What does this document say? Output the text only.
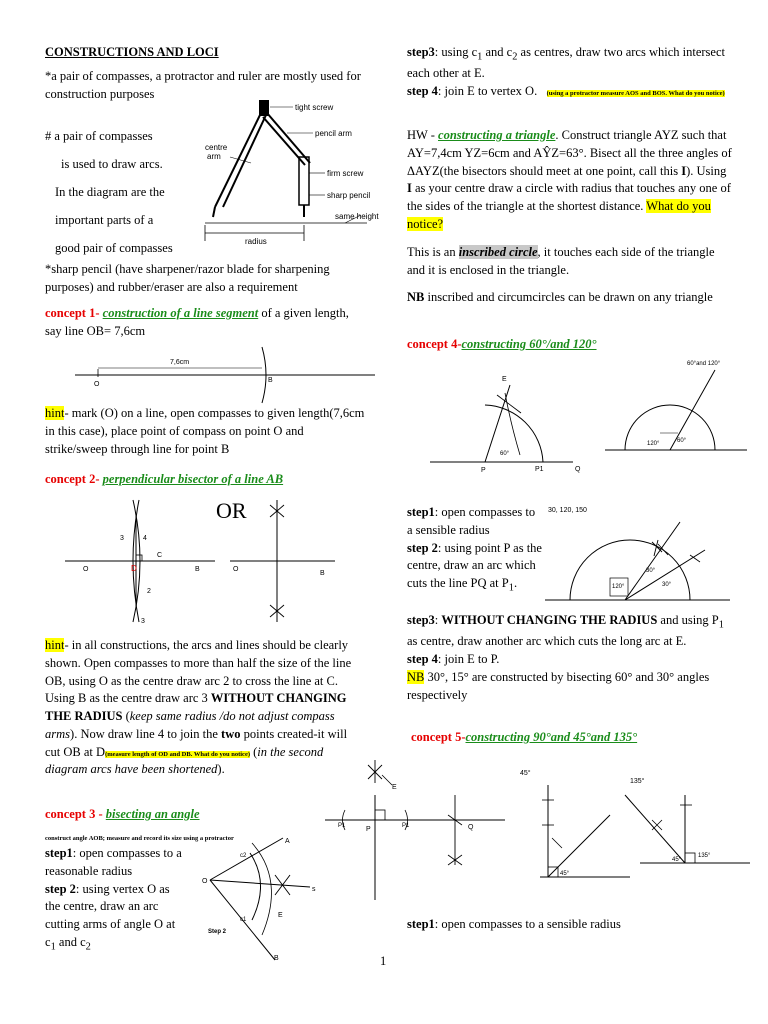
CONSTRUCTIONS AND LOCI
*a pair of compasses, a protractor and ruler are mostly used for construction purposes
# a pair of compasses
is used to draw arcs.
In the diagram are the
important parts of a
good pair of compasses
tight screw
pencil arm
centre
arm
firm screw
sharp pencil
same height
radius
*sharp pencil (have sharpener/razor blade for sharpening purposes) and rubber/eraser are also a requirement
concept 1- construction of a line segment of a given length, say line OB= 7,6cm
7,6cm
O
B
hint- mark (O) on a line, open compasses to given length(7,6cm in this case), place point of compass on point O and strike/sweep through line for point B
concept 2- perpendicular bisector of a line AB
3	4
C
O	D	B
2
3
O
B
OR
hint- in all constructions, the arcs and lines should be clearly shown. Open compasses to more than half the size of the line OB, using O as the centre draw arc 2 to cross the line at C. Using B as the centre draw arc 3 WITHOUT CHANGING THE RADIUS (keep same radius /do not adjust compass arms). Now draw line 4 to join the two points created-it will cut OB at D(measure length of OD and DB. What do you notice) (in the second diagram arcs have been shortened).
concept 3 - bisecting an angle
construct angle AOB; measure and record its size using a protractor
step1: open compasses to a reasonable radius
step 2: using vertex O as the centre, draw an arc cutting arms of angle O at $c_1$ and $c_2$
A
O
c2
c1
s
E
Step 2
B
step3: using $c_1$ and $c_2$ as centres, draw two arcs which intersect each other at E.
step 4: join E to vertex O. (using a protractor measure AOS and BOS. What do you notice)
HW - constructing a triangle. Construct triangle AYZ such that AY=7,4cm YZ=6cm and AŶZ=63°. Bisect all the three angles of ΔAYZ(the bisectors should meet at one point, call this I). Using I as your centre draw a circle with radius that touches any one of the sides of the triangle at the shortest distance. What do you notice?
This is an inscribed circle, it touches each side of the triangle and it is enclosed in the triangle.
NB inscribed and circumcircles can be drawn on any triangle
concept 4-constructing 60°/and 120°
E
60°
P	P1	Q
60°and 120°
120°	60°
step1: open compasses to a sensible radius
step 2: using point P as the centre, draw an arc which cuts the line PQ at $P_1$.
30, 120, 150
120°
30°
30°
step3: WITHOUT CHANGING THE RADIUS and using $P_1$ as centre, draw another arc which cuts the long arc at E.
step 4: join E to P.
NB 30°, 15° are constructed by bisecting 60° and 30° angles respectively
concept 5-constructing 90°and 45°and 135°
E
P1	P	P1	Q
45°
135°
45°
45°
135°
step1: open compasses to a sensible radius
1
